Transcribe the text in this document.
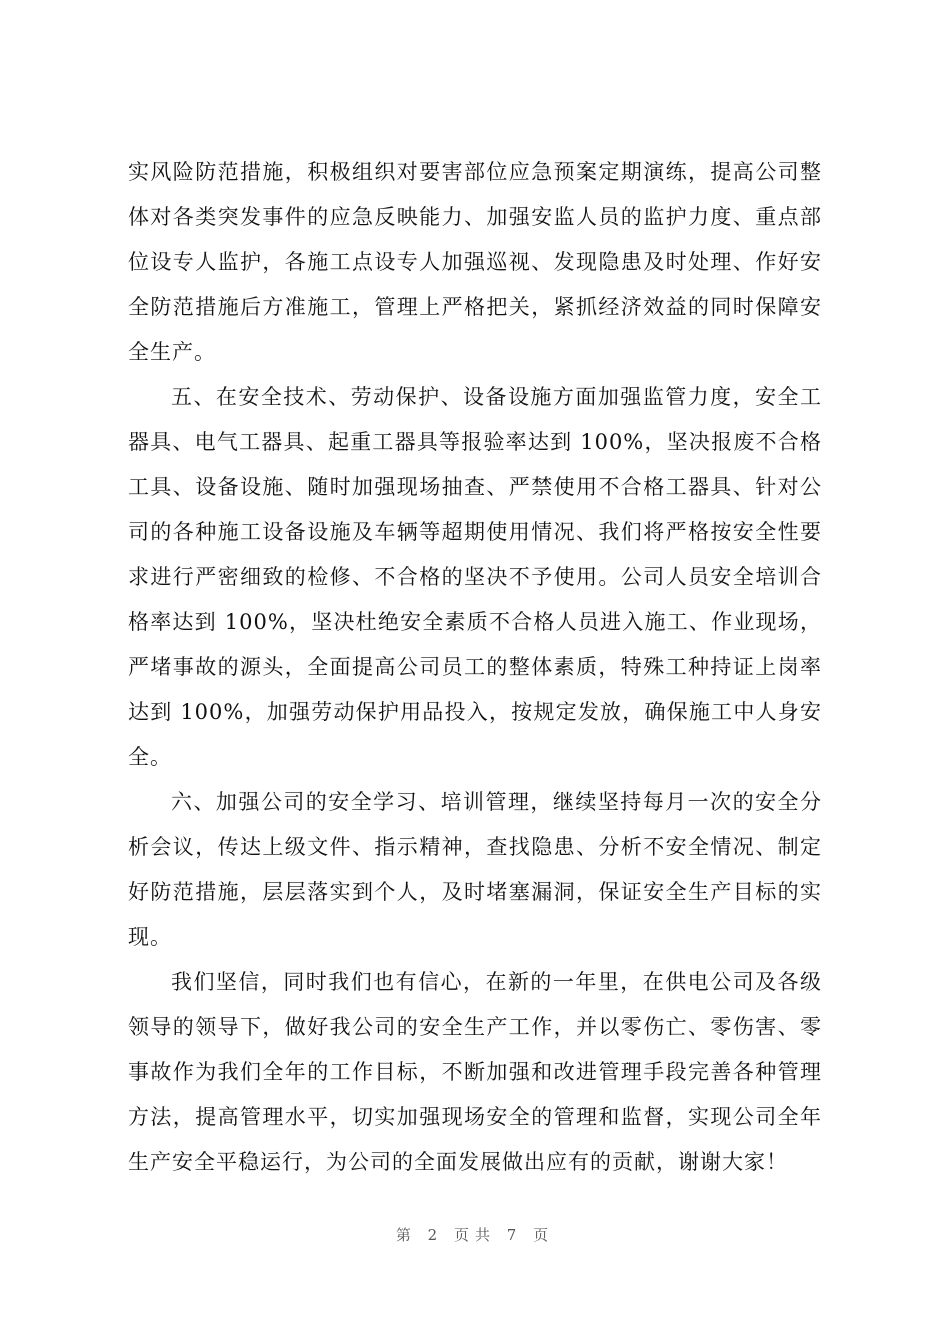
实风险防范措施，积极组织对要害部位应急预案定期演练，提高公司整体对各类突发事件的应急反映能力、加强安监人员的监护力度、重点部位设专人监护，各施工点设专人加强巡视、发现隐患及时处理、作好安全防范措施后方准施工，管理上严格把关，紧抓经济效益的同时保障安全生产。

五、在安全技术、劳动保护、设备设施方面加强监管力度，安全工器具、电气工器具、起重工器具等报验率达到 100%，坚决报废不合格工具、设备设施、随时加强现场抽查、严禁使用不合格工器具、针对公司的各种施工设备设施及车辆等超期使用情况、我们将严格按安全性要求进行严密细致的检修、不合格的坚决不予使用。公司人员安全培训合格率达到 100%，坚决杜绝安全素质不合格人员进入施工、作业现场，严堵事故的源头，全面提高公司员工的整体素质，特殊工种持证上岗率达到 100%，加强劳动保护用品投入，按规定发放，确保施工中人身安全。

六、加强公司的安全学习、培训管理，继续坚持每月一次的安全分析会议，传达上级文件、指示精神，查找隐患、分析不安全情况、制定好防范措施，层层落实到个人，及时堵塞漏洞，保证安全生产目标的实现。

我们坚信，同时我们也有信心，在新的一年里，在供电公司及各级领导的领导下，做好我公司的安全生产工作，并以零伤亡、零伤害、零事故作为我们全年的工作目标，不断加强和改进管理手段完善各种管理方法，提高管理水平，切实加强现场安全的管理和监督，实现公司全年生产安全平稳运行，为公司的全面发展做出应有的贡献，谢谢大家！

第 2 页共 7 页
